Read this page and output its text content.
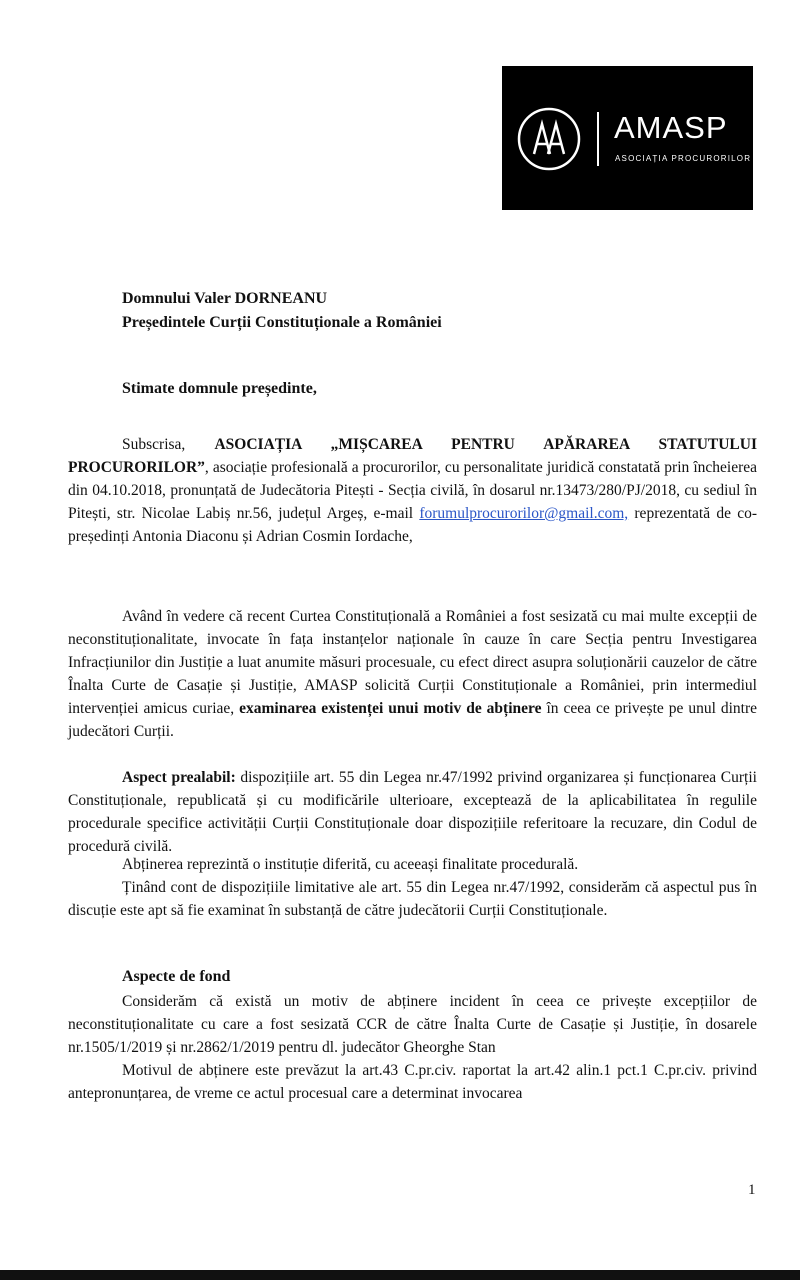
AMASP
ASOCIAȚIA PROCURORILOR
Domnului Valer DORNEANU
Președintele Curții Constituționale a României
Stimate domnule președinte,

Subscrisa, ASOCIAȚIA „MIȘCAREA PENTRU APĂRAREA STATUTULUI PROCURORILOR”, asociație profesională a procurorilor, cu personalitate juridică constatată prin încheierea din 04.10.2018, pronunțată de Judecătoria Pitești - Secția civilă, în dosarul nr.13473/280/PJ/2018, cu sediul în Pitești, str. Nicolae Labiș nr.56, județul Argeș, e-mail forumulprocurorilor@gmail.com, reprezentată de co-președinți Antonia Diaconu și Adrian Cosmin Iordache,

Având în vedere că recent Curtea Constituțională a României a fost sesizată cu mai multe excepții de neconstituționalitate, invocate în fața instanțelor naționale în cauze în care Secția pentru Investigarea Infracțiunilor din Justiție a luat anumite măsuri procesuale, cu efect direct asupra soluționării cauzelor de către Înalta Curte de Casație și Justiție, AMASP solicită Curții Constituționale a României, prin intermediul intervenției amicus curiae, examinarea existenței unui motiv de abținere în ceea ce privește pe unul dintre judecători Curții.

Aspect prealabil: dispozițiile art. 55 din Legea nr.47/1992 privind organizarea și funcționarea Curții Constituționale, republicată și cu modificările ulterioare, exceptează de la aplicabilitatea în regulile procedurale specifice activității Curții Constituționale doar dispozițiile referitoare la recuzare, din Codul de procedură civilă.

Abținerea reprezintă o instituție diferită, cu aceeași finalitate procedurală.

Ținând cont de dispozițiile limitative ale art. 55 din Legea nr.47/1992, considerăm că aspectul pus în discuție este apt să fie examinat în substanță de către judecătorii Curții Constituționale.

Aspecte de fond

Considerăm că există un motiv de abținere incident în ceea ce privește excepțiilor de neconstituționalitate cu care a fost sesizată CCR de către Înalta Curte de Casație și Justiție, în dosarele nr.1505/1/2019 și nr.2862/1/2019 pentru dl. judecător Gheorghe Stan

Motivul de abținere este prevăzut la art.43 C.pr.civ. raportat la art.42 alin.1 pct.1 C.pr.civ. privind antepronunțarea, de vreme ce actul procesual care a determinat invocarea

1
